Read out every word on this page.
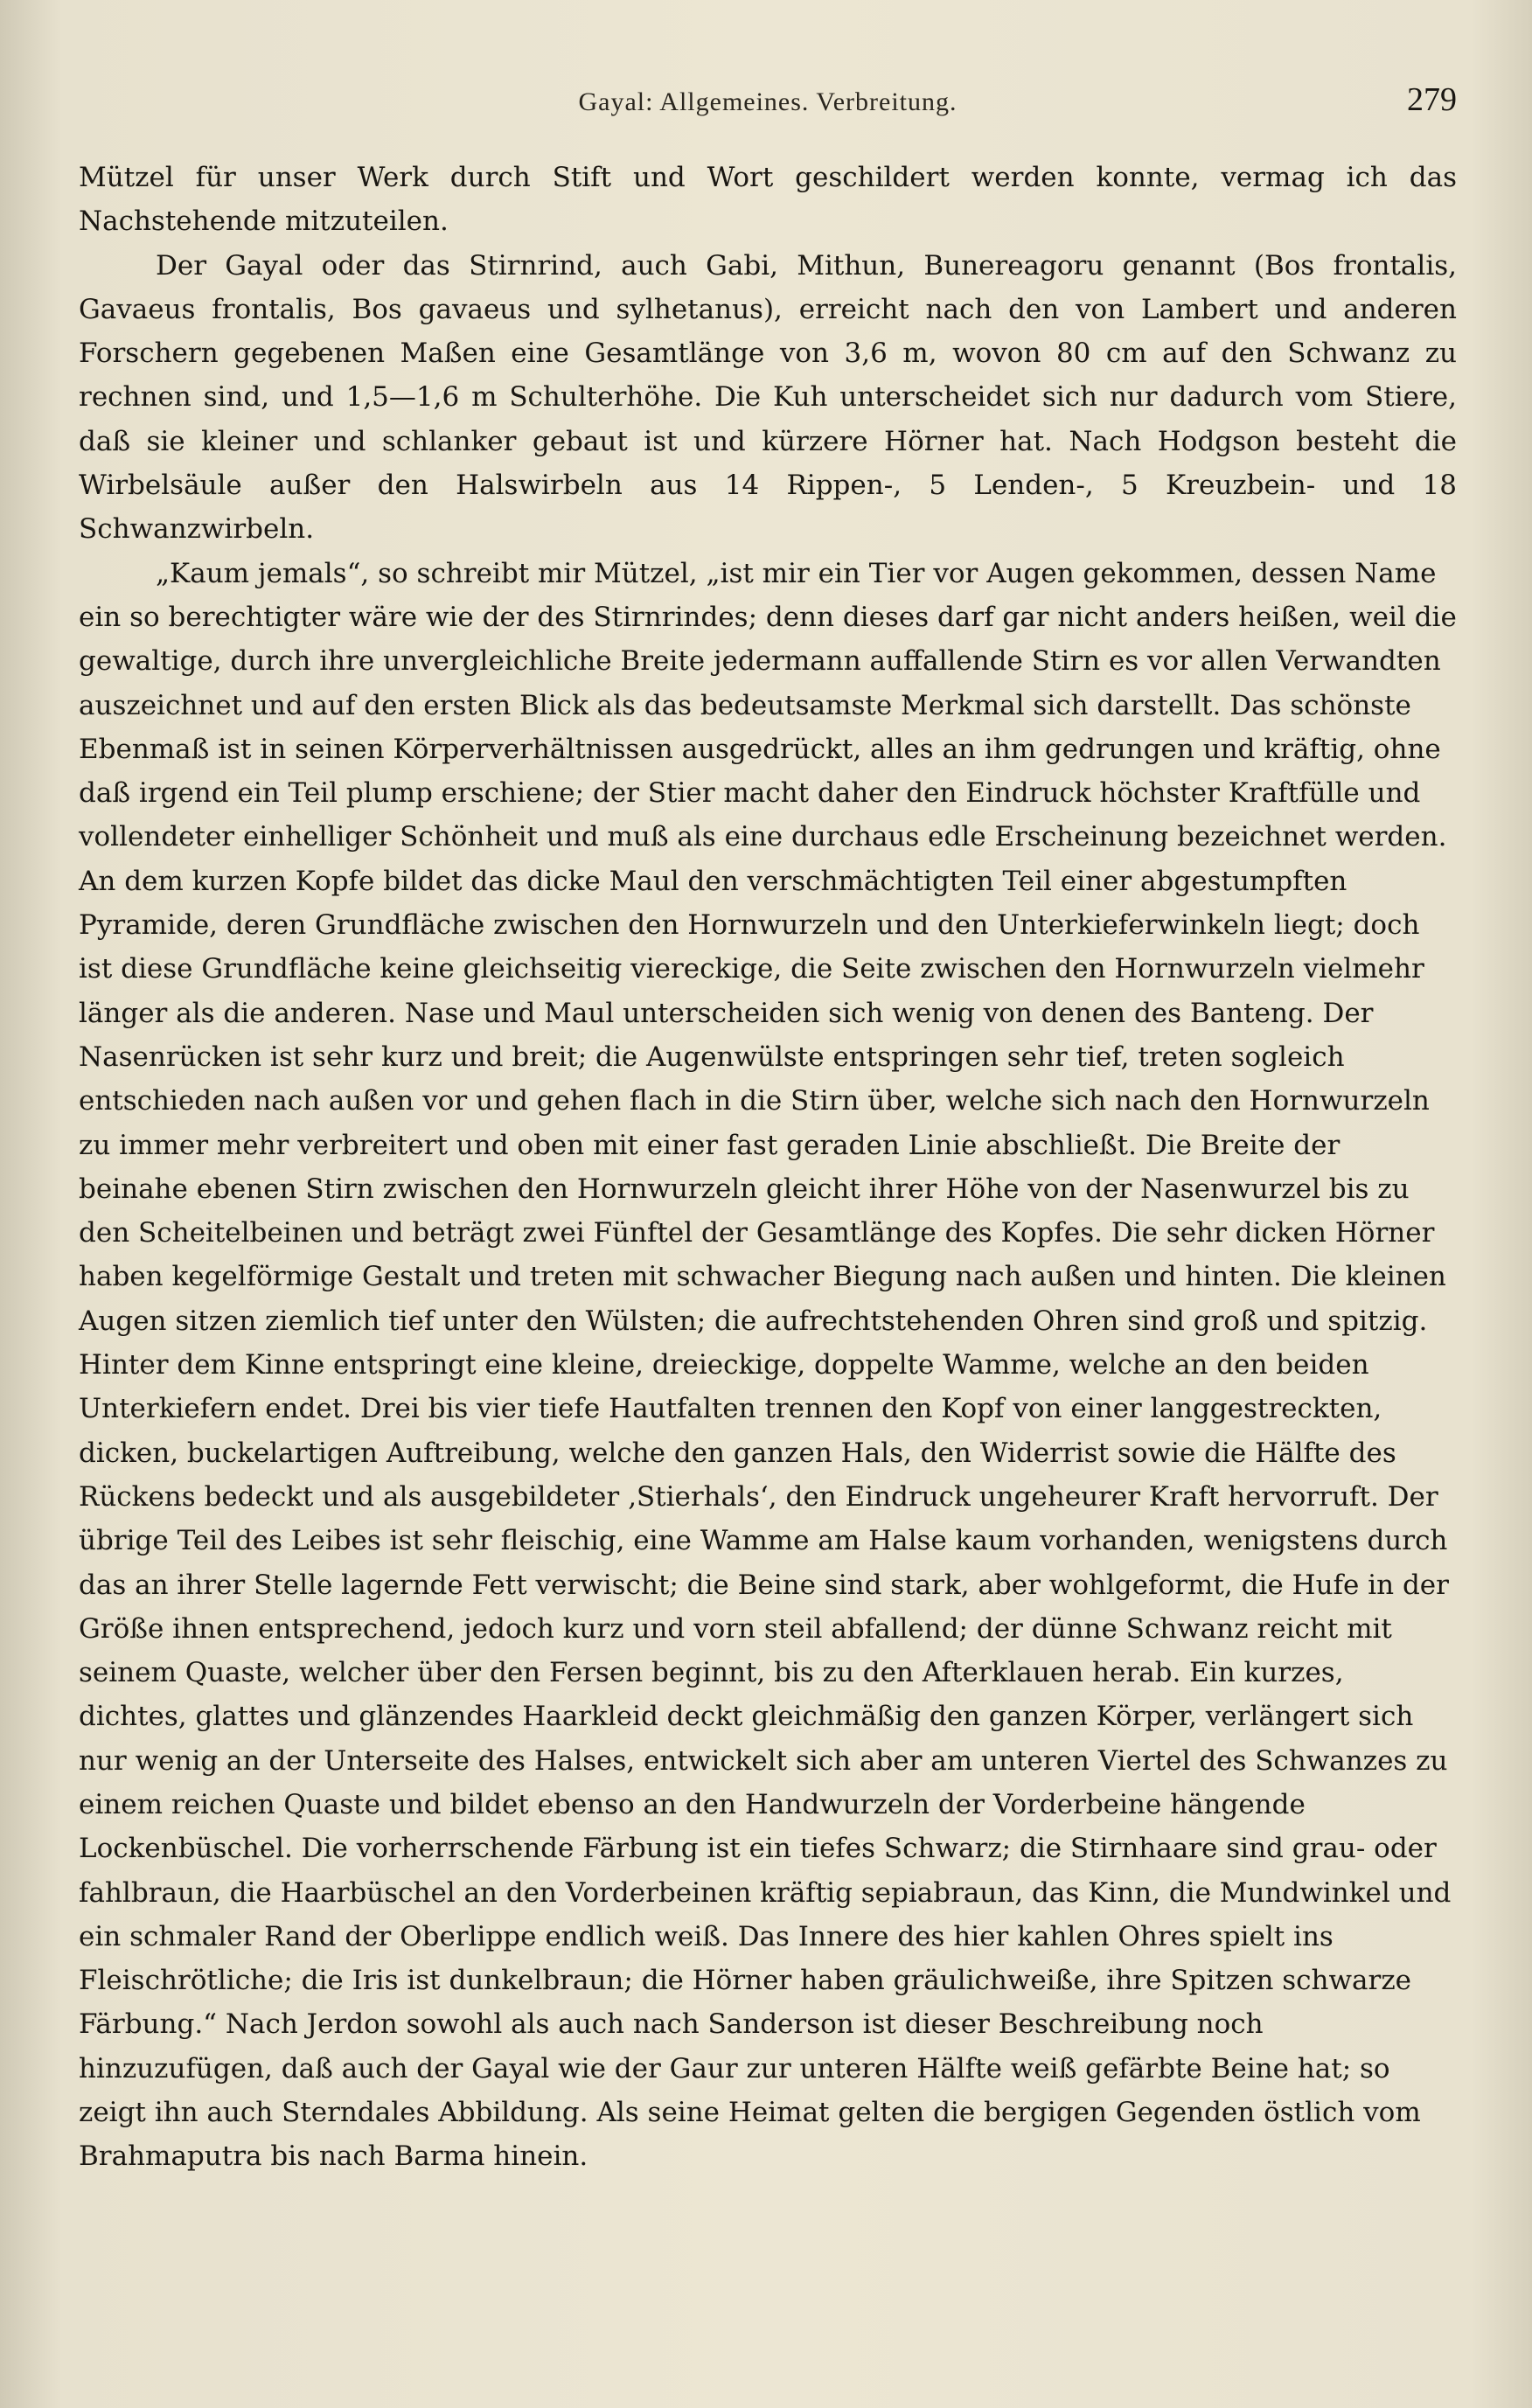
Gayal: Allgemeines. Verbreitung.	279

Mützel für unser Werk durch Stift und Wort geschildert werden konnte, vermag ich das Nachstehende mitzuteilen.

Der Gayal oder das Stirnrind, auch Gabi, Mithun, Bunereagoru genannt (Bos frontalis, Gavaeus frontalis, Bos gavaeus und sylhetanus), erreicht nach den von Lambert und anderen Forschern gegebenen Maßen eine Gesamtlänge von 3,6 m, wovon 80 cm auf den Schwanz zu rechnen sind, und 1,5—1,6 m Schulterhöhe. Die Kuh unterscheidet sich nur dadurch vom Stiere, daß sie kleiner und schlanker gebaut ist und kürzere Hörner hat. Nach Hodgson besteht die Wirbelsäule außer den Halswirbeln aus 14 Rippen-, 5 Lenden-, 5 Kreuzbein- und 18 Schwanzwirbeln.

„Kaum jemals“, so schreibt mir Mützel, „ist mir ein Tier vor Augen gekommen, dessen Name ein so berechtigter wäre wie der des Stirnrindes; denn dieses darf gar nicht anders heißen, weil die gewaltige, durch ihre unvergleichliche Breite jedermann auffallende Stirn es vor allen Verwandten auszeichnet und auf den ersten Blick als das bedeutsamste Merkmal sich darstellt. Das schönste Ebenmaß ist in seinen Körperverhältnissen ausgedrückt, alles an ihm gedrungen und kräftig, ohne daß irgend ein Teil plump erschiene; der Stier macht daher den Eindruck höchster Kraftfülle und vollendeter einhelliger Schönheit und muß als eine durchaus edle Erscheinung bezeichnet werden. An dem kurzen Kopfe bildet das dicke Maul den verschmächtigten Teil einer abgestumpften Pyramide, deren Grundfläche zwischen den Hornwurzeln und den Unterkieferwinkeln liegt; doch ist diese Grundfläche keine gleichseitig viereckige, die Seite zwischen den Hornwurzeln vielmehr länger als die anderen. Nase und Maul unterscheiden sich wenig von denen des Banteng. Der Nasenrücken ist sehr kurz und breit; die Augenwülste entspringen sehr tief, treten sogleich entschieden nach außen vor und gehen flach in die Stirn über, welche sich nach den Hornwurzeln zu immer mehr verbreitert und oben mit einer fast geraden Linie abschließt. Die Breite der beinahe ebenen Stirn zwischen den Hornwurzeln gleicht ihrer Höhe von der Nasenwurzel bis zu den Scheitelbeinen und beträgt zwei Fünftel der Gesamtlänge des Kopfes. Die sehr dicken Hörner haben kegelförmige Gestalt und treten mit schwacher Biegung nach außen und hinten. Die kleinen Augen sitzen ziemlich tief unter den Wülsten; die aufrechtstehenden Ohren sind groß und spitzig. Hinter dem Kinne entspringt eine kleine, dreieckige, doppelte Wamme, welche an den beiden Unterkiefern endet. Drei bis vier tiefe Hautfalten trennen den Kopf von einer langgestreckten, dicken, buckelartigen Auftreibung, welche den ganzen Hals, den Widerrist sowie die Hälfte des Rückens bedeckt und als ausgebildeter ‚Stierhals‘, den Eindruck ungeheurer Kraft hervorruft. Der übrige Teil des Leibes ist sehr fleischig, eine Wamme am Halse kaum vorhanden, wenigstens durch das an ihrer Stelle lagernde Fett verwischt; die Beine sind stark, aber wohlgeformt, die Hufe in der Größe ihnen entsprechend, jedoch kurz und vorn steil abfallend; der dünne Schwanz reicht mit seinem Quaste, welcher über den Fersen beginnt, bis zu den Afterklauen herab. Ein kurzes, dichtes, glattes und glänzendes Haarkleid deckt gleichmäßig den ganzen Körper, verlängert sich nur wenig an der Unterseite des Halses, entwickelt sich aber am unteren Viertel des Schwanzes zu einem reichen Quaste und bildet ebenso an den Handwurzeln der Vorderbeine hängende Lockenbüschel. Die vorherrschende Färbung ist ein tiefes Schwarz; die Stirnhaare sind grau- oder fahlbraun, die Haarbüschel an den Vorderbeinen kräftig sepiabraun, das Kinn, die Mundwinkel und ein schmaler Rand der Oberlippe endlich weiß. Das Innere des hier kahlen Ohres spielt ins Fleischrötliche; die Iris ist dunkelbraun; die Hörner haben gräulichweiße, ihre Spitzen schwarze Färbung.“ Nach Jerdon sowohl als auch nach Sanderson ist dieser Beschreibung noch hinzuzufügen, daß auch der Gayal wie der Gaur zur unteren Hälfte weiß gefärbte Beine hat; so zeigt ihn auch Sterndales Abbildung. Als seine Heimat gelten die bergigen Gegenden östlich vom Brahmaputra bis nach Barma hinein.
